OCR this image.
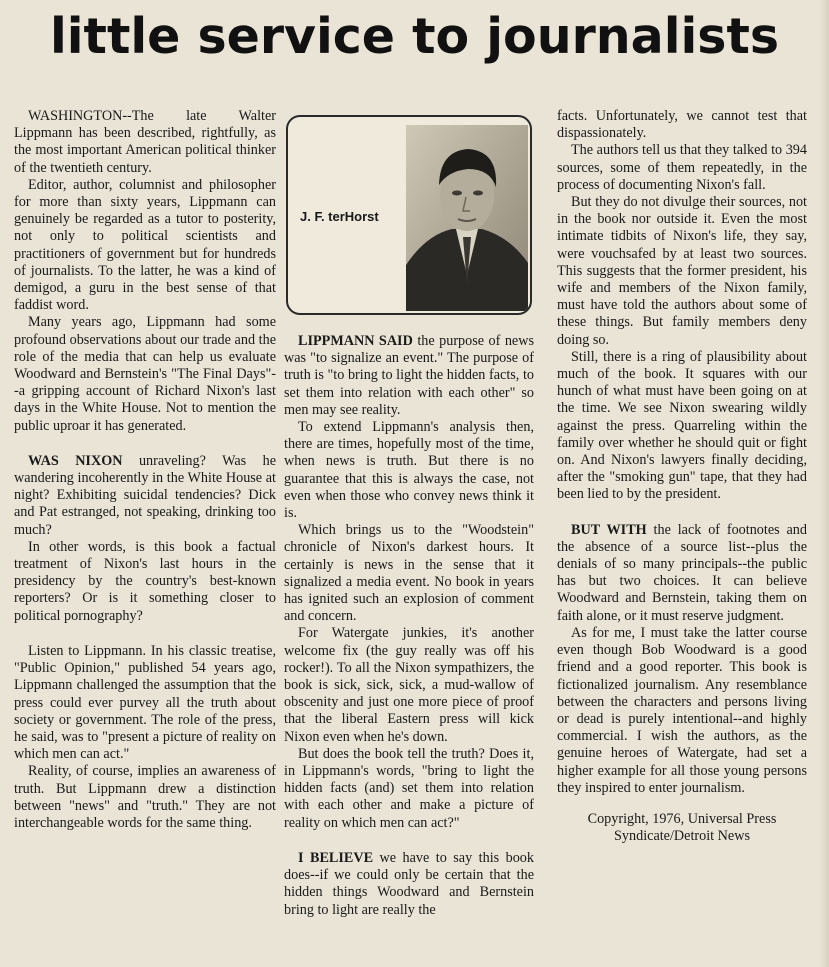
little service to journalists

WASHINGTON--The late Walter Lippmann has been described, rightfully, as the most important American political thinker of the twentieth century.

Editor, author, columnist and philosopher for more than sixty years, Lippmann can genuinely be regarded as a tutor to posterity, not only to political scientists and practitioners of government but for hundreds of journalists. To the latter, he was a kind of demigod, a guru in the best sense of that faddist word.

Many years ago, Lippmann had some profound observations about our trade and the role of the media that can help us evaluate Woodward and Bernstein's "The Final Days"--a gripping account of Richard Nixon's last days in the White House. Not to mention the public uproar it has generated.

WAS NIXON unraveling? Was he wandering incoherently in the White House at night? Exhibiting suicidal tendencies? Dick and Pat estranged, not speaking, drinking too much?

In other words, is this book a factual treatment of Nixon's last hours in the presidency by the country's best-known reporters? Or is it something closer to political pornography?

Listen to Lippmann. In his classic treatise, "Public Opinion," published 54 years ago, Lippmann challenged the assumption that the press could ever purvey all the truth about society or government. The role of the press, he said, was to "present a picture of reality on which men can act."

Reality, of course, implies an awareness of truth. But Lippmann drew a distinction between "news" and "truth." They are not interchangeable words for the same thing.

J. F. terHorst

LIPPMANN SAID the purpose of news was "to signalize an event." The purpose of truth is "to bring to light the hidden facts, to set them into relation with each other" so men may see reality.

To extend Lippmann's analysis then, there are times, hopefully most of the time, when news is truth. But there is no guarantee that this is always the case, not even when those who convey news think it is.

Which brings us to the "Woodstein" chronicle of Nixon's darkest hours. It certainly is news in the sense that it signalized a media event. No book in years has ignited such an explosion of comment and concern.

For Watergate junkies, it's another welcome fix (the guy really was off his rocker!). To all the Nixon sympathizers, the book is sick, sick, sick, a mud-wallow of obscenity and just one more piece of proof that the liberal Eastern press will kick Nixon even when he's down.

But does the book tell the truth? Does it, in Lippmann's words, "bring to light the hidden facts (and) set them into relation with each other and make a picture of reality on which men can act?"

I BELIEVE we have to say this book does--if we could only be certain that the hidden things Woodward and Bernstein bring to light are really the

facts. Unfortunately, we cannot test that dispassionately.

The authors tell us that they talked to 394 sources, some of them repeatedly, in the process of documenting Nixon's fall.

But they do not divulge their sources, not in the book nor outside it. Even the most intimate tidbits of Nixon's life, they say, were vouchsafed by at least two sources. This suggests that the former president, his wife and members of the Nixon family, must have told the authors about some of these things. But family members deny doing so.

Still, there is a ring of plausibility about much of the book. It squares with our hunch of what must have been going on at the time. We see Nixon swearing wildly against the press. Quarreling within the family over whether he should quit or fight on. And Nixon's lawyers finally deciding, after the "smoking gun" tape, that they had been lied to by the president.

BUT WITH the lack of footnotes and the absence of a source list--plus the denials of so many principals--the public has but two choices. It can believe Woodward and Bernstein, taking them on faith alone, or it must reserve judgment.

As for me, I must take the latter course even though Bob Woodward is a good friend and a good reporter. This book is fictionalized journalism. Any resemblance between the characters and persons living or dead is purely intentional--and highly commercial. I wish the authors, as the genuine heroes of Watergate, had set a higher example for all those young persons they inspired to enter journalism.

Copyright, 1976, Universal Press Syndicate/Detroit News
